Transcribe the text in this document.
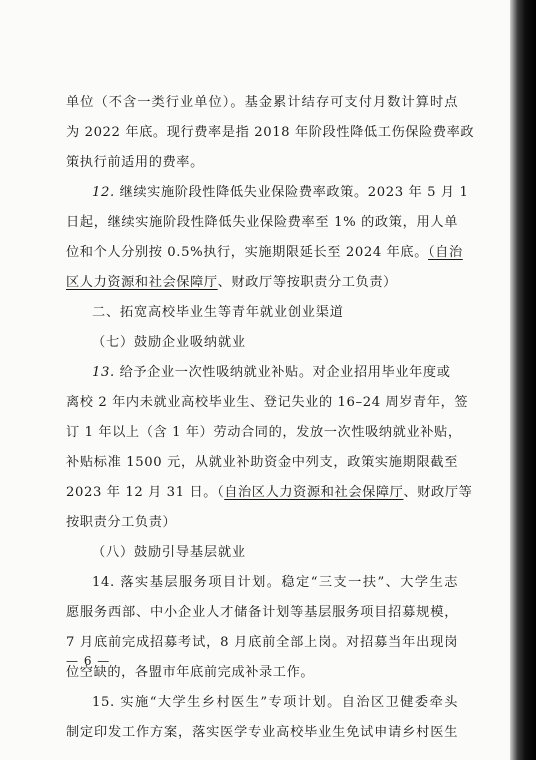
单位（不含一类行业单位）。基金累计结存可支付月数计算时点
为 2022 年底。现行费率是指 2018 年阶段性降低工伤保险费率政
策执行前适用的费率。
12. 继续实施阶段性降低失业保险费率政策。2023 年 5 月 1
日起，继续实施阶段性降低失业保险费率至 1% 的政策，用人单
位和个人分别按 0.5%执行，实施期限延长至 2024 年底。（自治
区人力资源和社会保障厅、财政厅等按职责分工负责）
二、拓宽高校毕业生等青年就业创业渠道
（七）鼓励企业吸纳就业
13. 给予企业一次性吸纳就业补贴。对企业招用毕业年度或
离校 2 年内未就业高校毕业生、登记失业的 16–24 周岁青年，签
订 1 年以上（含 1 年）劳动合同的，发放一次性吸纳就业补贴，
补贴标准 1500 元，从就业补助资金中列支，政策实施期限截至
2023 年 12 月 31 日。（自治区人力资源和社会保障厅、财政厅等
按职责分工负责）
（八）鼓励引导基层就业
14. 落实基层服务项目计划。稳定“三支一扶”、大学生志
愿服务西部、中小企业人才储备计划等基层服务项目招募规模，
7 月底前完成招募考试，8 月底前全部上岗。对招募当年出现岗
位空缺的，各盟市年底前完成补录工作。
15. 实施“大学生乡村医生”专项计划。自治区卫健委牵头
制定印发工作方案，落实医学专业高校毕业生免试申请乡村医生
— 6 —
